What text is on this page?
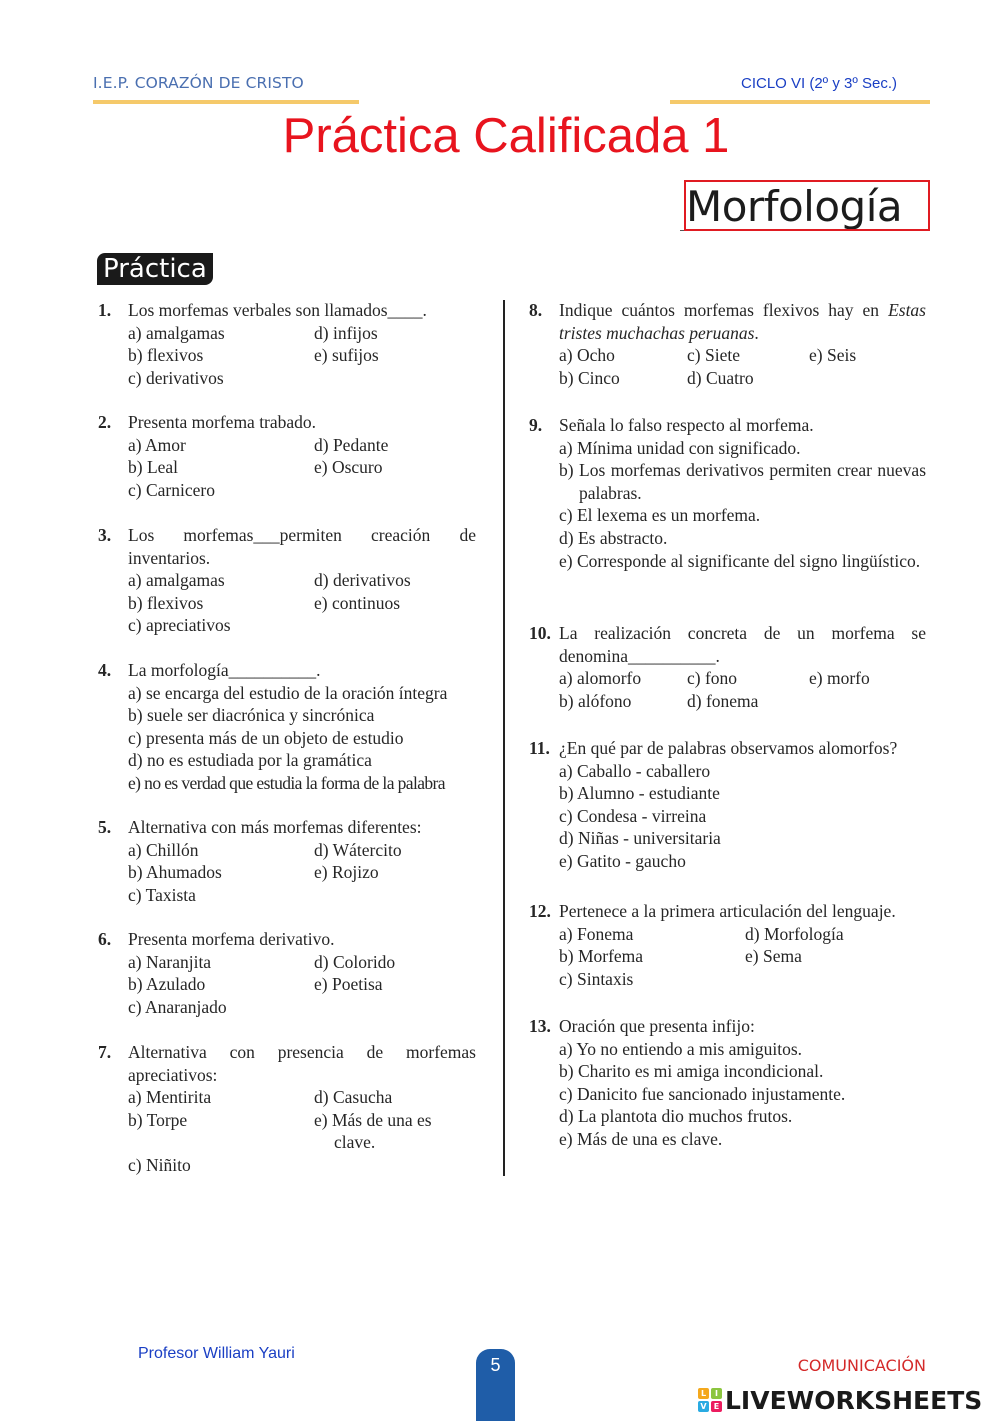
I.E.P. CORAZÓN DE CRISTO	CICLO VI (2º y 3º Sec.)
Práctica Calificada 1
Morfología
Práctica
1. Los morfemas verbales son llamados____.
a) amalgamas	d) infijos
b) flexivos	e) sufijos
c) derivativos
2. Presenta morfema trabado.
a) Amor	d) Pedante
b) Leal	e) Oscuro
c) Carnicero
3. Los morfemas___permiten creación de inventarios.
a) amalgamas	d) derivativos
b) flexivos	e) continuos
c) apreciativos
4. La morfología__________.
a) se encarga del estudio de la oración íntegra
b) suele ser diacrónica y sincrónica
c) presenta más de un objeto de estudio
d) no es estudiada por la gramática
e) no es verdad que estudia la forma de la palabra
5. Alternativa con más morfemas diferentes:
a) Chillón	d) Wátercito
b) Ahumados	e) Rojizo
c) Taxista
6. Presenta morfema derivativo.
a) Naranjita	d) Colorido
b) Azulado	e) Poetisa
c) Anaranjado
7. Alternativa con presencia de morfemas apreciativos:
a) Mentirita	d) Casucha
b) Torpe	e) Más de una es clave.
c) Niñito
8. Indique cuántos morfemas flexivos hay en Estas tristes muchachas peruanas.
a) Ocho	c) Siete	e) Seis
b) Cinco	d) Cuatro
9. Señala lo falso respecto al morfema.
a) Mínima unidad con significado.
b) Los morfemas derivativos permiten crear nuevas palabras.
c) El lexema es un morfema.
d) Es abstracto.
e) Corresponde al significante del signo lingüístico.
10. La realización concreta de un morfema se denomina__________.
a) alomorfo	c) fono	e) morfo
b) alófono	d) fonema
11. ¿En qué par de palabras observamos alomorfos?
a) Caballo - caballero
b) Alumno - estudiante
c) Condesa - virreina
d) Niñas - universitaria
e) Gatito - gaucho
12. Pertenece a la primera articulación del lenguaje.
a) Fonema	d) Morfología
b) Morfema	e) Sema
c) Sintaxis
13. Oración que presenta infijo:
a) Yo no entiendo a mis amiguitos.
b) Charito es mi amiga incondicional.
c) Danicito fue sancionado injustamente.
d) La plantota dio muchos frutos.
e) Más de una es clave.
Profesor William Yauri
5	COMUNICACIÓN
L	I
V E LIVEWORKSHEETS
